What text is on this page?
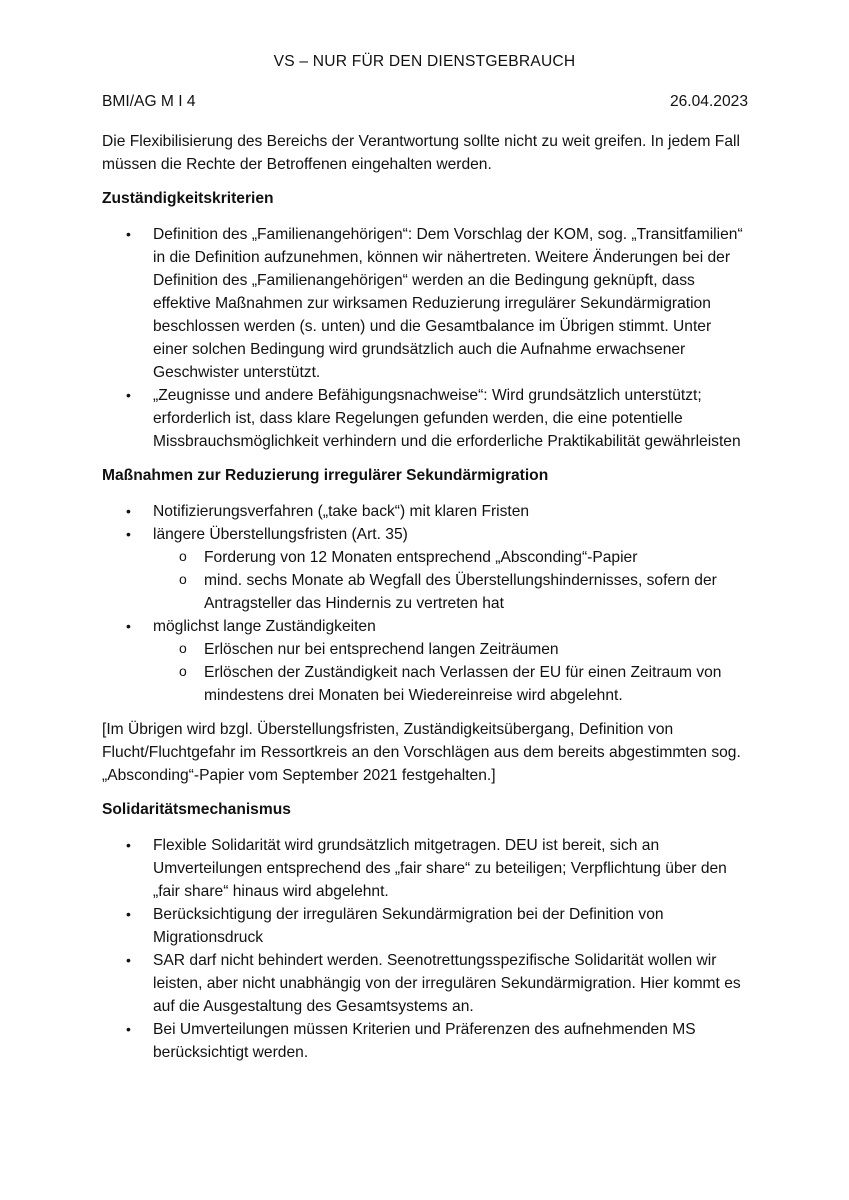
VS – NUR FÜR DEN DIENSTGEBRAUCH
BMI/AG M I 4	26.04.2023

Die Flexibilisierung des Bereichs der Verantwortung sollte nicht zu weit greifen. In jedem Fall müssen die Rechte der Betroffenen eingehalten werden.

Zuständigkeitskriterien
• Definition des „Familienangehörigen“: Dem Vorschlag der KOM, sog. „Transitfamilien“ in die Definition aufzunehmen, können wir nähertreten. Weitere Änderungen bei der Definition des „Familienangehörigen“ werden an die Bedingung geknüpft, dass effektive Maßnahmen zur wirksamen Reduzierung irregulärer Sekundärmigration beschlossen werden (s. unten) und die Gesamtbalance im Übrigen stimmt. Unter einer solchen Bedingung wird grundsätzlich auch die Aufnahme erwachsener Geschwister unterstützt.
• „Zeugnisse und andere Befähigungsnachweise“: Wird grundsätzlich unterstützt; erforderlich ist, dass klare Regelungen gefunden werden, die eine potentielle Missbrauchsmöglichkeit verhindern und die erforderliche Praktikabilität gewährleisten
Maßnahmen zur Reduzierung irregulärer Sekundärmigration
• Notifizierungsverfahren („take back“) mit klaren Fristen
• längere Überstellungsfristen (Art. 35)
o Forderung von 12 Monaten entsprechend „Absconding“-Papier
o mind. sechs Monate ab Wegfall des Überstellungshindernisses, sofern der Antragsteller das Hindernis zu vertreten hat
• möglichst lange Zuständigkeiten
o Erlöschen nur bei entsprechend langen Zeiträumen
o Erlöschen der Zuständigkeit nach Verlassen der EU für einen Zeitraum von mindestens drei Monaten bei Wiedereinreise wird abgelehnt.

[Im Übrigen wird bzgl. Überstellungsfristen, Zuständigkeitsübergang, Definition von Flucht/Fluchtgefahr im Ressortkreis an den Vorschlägen aus dem bereits abgestimmten sog. „Absconding“-Papier vom September 2021 festgehalten.]

Solidaritätsmechanismus
• Flexible Solidarität wird grundsätzlich mitgetragen. DEU ist bereit, sich an Umverteilungen entsprechend des „fair share“ zu beteiligen; Verpflichtung über den „fair share“ hinaus wird abgelehnt.
• Berücksichtigung der irregulären Sekundärmigration bei der Definition von Migrationsdruck
• SAR darf nicht behindert werden. Seenotrettungsspezifische Solidarität wollen wir leisten, aber nicht unabhängig von der irregulären Sekundärmigration. Hier kommt es auf die Ausgestaltung des Gesamtsystems an.
• Bei Umverteilungen müssen Kriterien und Präferenzen des aufnehmenden MS berücksichtigt werden.
